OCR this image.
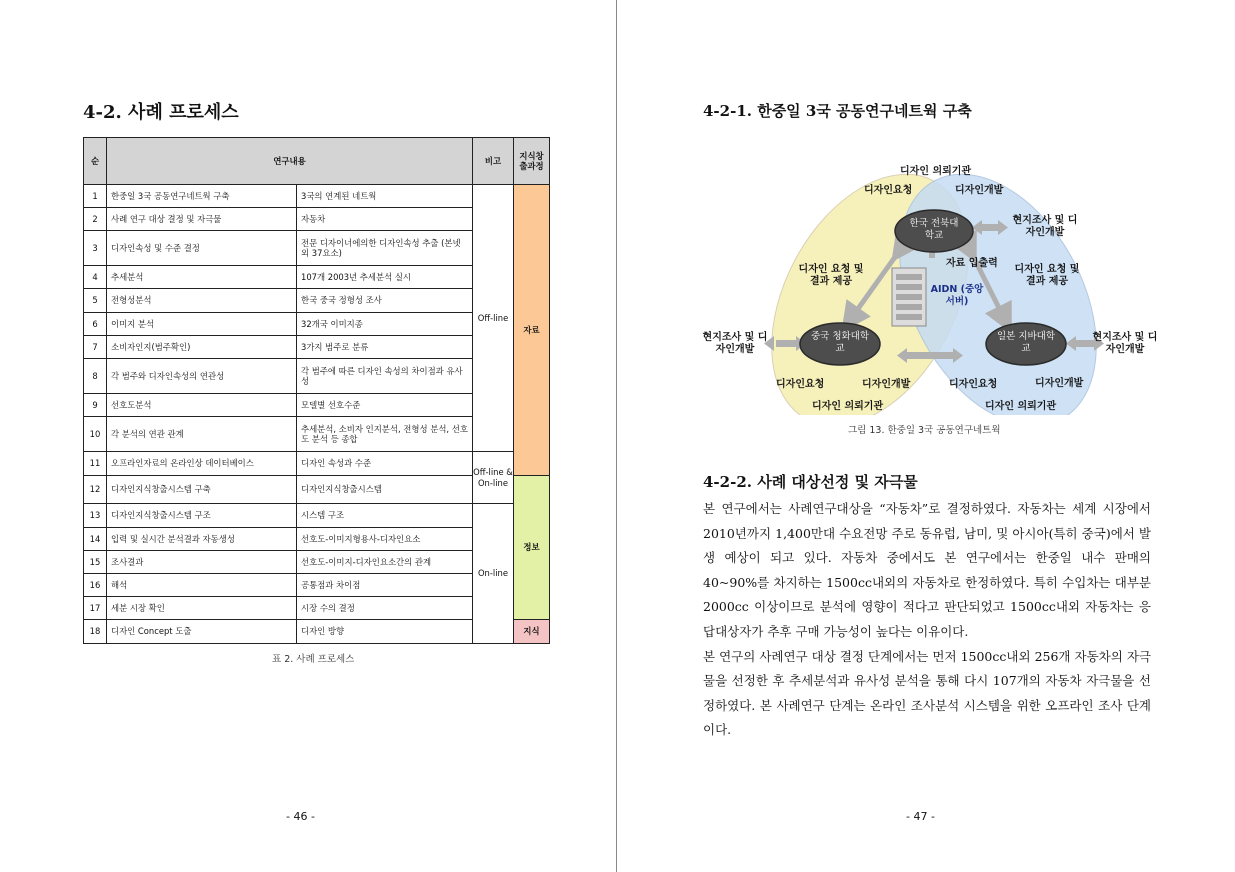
4-2. 사례 프로세스
순	연구내용		비고	지식창출과정
1	한중일 3국 공동연구네트웍 구축	3국의 연계된 네트웍	Off-line	자료
2	사례 연구 대상 결정 및 자극물	자동차		
3	디자인속성 및 수준 결정	전문 디자이너에의한 디자인속성 추출 (본넷 외 37요소)		
4	추세분석	107개 2003년 추세분석 실시		
5	전형성분석	한국 중국 정형성 조사		
6	이미지 분석	32개국 이미지종		
7	소비자인지(범주확인)	3가지 범주로 분류		
8	각 범주와 디자인속성의 연관성	각 범주에 따른 디자인 속성의 차이점과 유사성		
9	선호도분석	모델별 선호수준		
10	각 분석의 연관 관계	추세분석, 소비자 인지분석, 전형성 분석, 선호도 분석 등 종합		
11	오프라인자료의 온라인상 데이터베이스	디자인 속성과 수준	Off-line & On-line	
12	디자인지식창출시스템 구축	디자인지식창출시스템		정보
13	디자인지식창출시스템 구조	시스템 구조	On-line	
14	입력 및 실시간 분석결과 자동생성	선호도-이미지형용사-디자인요소		
15	조사결과	선호도-이미지-디자인요소간의 관계		
16	해석	공통점과 차이점		
17	세분 시장 확인	시장 수의 결정		
18	디자인 Concept 도출	디자인 방향		지식
표 2. 사례 프로세스
- 46 -
4-2-1. 한중일 3국 공동연구네트웍 구축
디자인 의뢰기관
디자인요청	디자인개발
한국 전북대학교
중국 청화대학교
일본 지바대학교
AIDN (중앙서버)
자료 입출력
디자인 요청 및 결과 제공
디자인 요청 및 결과 제공
현지조사 및 디자인개발
현지조사 및 디자인개발
현지조사 및 디자인개발
디자인요청	디자인개발	디자인요청	디자인개발
디자인 의뢰기관	디자인 의뢰기관
그림 13. 한중일 3국 공동연구네트웍
4-2-2. 사례 대상선정 및 자극물

본 연구에서는 사례연구대상을 “자동차”로 결정하였다. 자동차는 세계 시장에서 2010년까지 1,400만대 수요전망 주로 동유럽, 남미, 및 아시아(특히 중국)에서 발생 예상이 되고 있다. 자동차 중에서도 본 연구에서는 한중일 내수 판매의 40~90%를 차지하는 1500cc내외의 자동차로 한정하였다. 특히 수입차는 대부분 2000cc 이상이므로 분석에 영향이 적다고 판단되었고 1500cc내외 자동차는 응답대상자가 추후 구매 가능성이 높다는 이유이다.

본 연구의 사례연구 대상 결정 단계에서는 먼저 1500cc내외 256개 자동차의 자극물을 선정한 후 추세분석과 유사성 분석을 통해 다시 107개의 자동차 자극물을 선정하였다. 본 사례연구 단계는 온라인 조사분석 시스템을 위한 오프라인 조사 단계이다.

- 47 -
